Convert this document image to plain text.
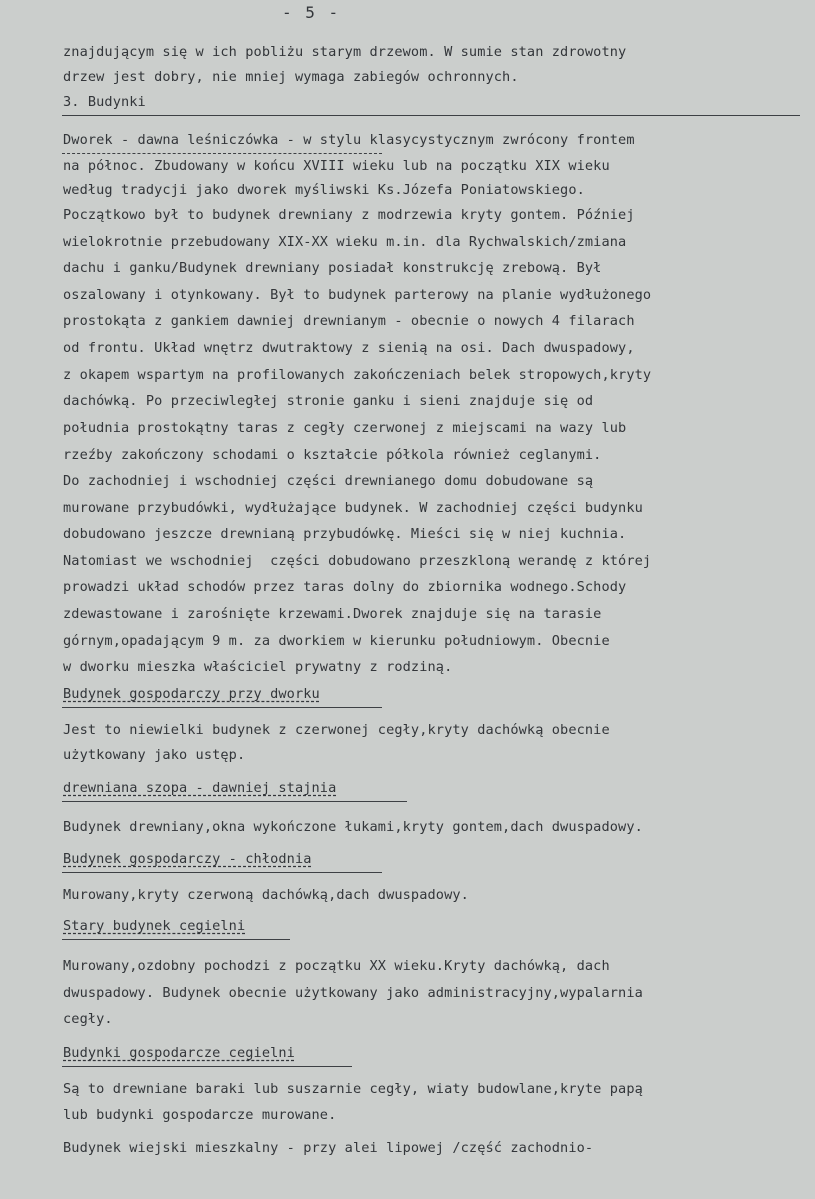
- 5 -
znajdującym się w ich pobliżu starym drzewom. W sumie stan zdrowotny
drzew jest dobry, nie mniej wymaga zabiegów ochronnych.
3. Budynki
Dworek - dawna leśniczówka - w stylu klasycystycznym zwrócony frontem
na północ. Zbudowany w końcu XVIII wieku lub na początku XIX wieku
według tradycji jako dworek myśliwski Ks.Józefa Poniatowskiego.
Początkowo był to budynek drewniany z modrzewia kryty gontem. Później
wielokrotnie przebudowany XIX-XX wieku m.in. dla Rychwalskich/zmiana
dachu i ganku/Budynek drewniany posiadał konstrukcję zrebową. Był
oszalowany i otynkowany. Był to budynek parterowy na planie wydłużonego
prostokąta z gankiem dawniej drewnianym - obecnie o nowych 4 filarach
od frontu. Układ wnętrz dwutraktowy z sienią na osi. Dach dwuspadowy,
z okapem wspartym na profilowanych zakończeniach belek stropowych,kryty
dachówką. Po przeciwległej stronie ganku i sieni znajduje się od
południa prostokątny taras z cegły czerwonej z miejscami na wazy lub
rzeźby zakończony schodami o kształcie półkola również ceglanymi.
Do zachodniej i wschodniej części drewnianego domu dobudowane są
murowane przybudówki, wydłużające budynek. W zachodniej części budynku
dobudowano jeszcze drewnianą przybudówkę. Mieści się w niej kuchnia.
Natomiast we wschodniej  części dobudowano przeszkloną werandę z której
prowadzi układ schodów przez taras dolny do zbiornika wodnego.Schody
zdewastowane i zarośnięte krzewami.Dworek znajduje się na tarasie
górnym,opadającym 9 m. za dworkiem w kierunku południowym. Obecnie
w dworku mieszka właściciel prywatny z rodziną.
Budynek gospodarczy przy dworku
Jest to niewielki budynek z czerwonej cegły,kryty dachówką obecnie
użytkowany jako ustęp.
drewniana szopa - dawniej stajnia
Budynek drewniany,okna wykończone łukami,kryty gontem,dach dwuspadowy.
Budynek gospodarczy - chłodnia
Murowany,kryty czerwoną dachówką,dach dwuspadowy.
Stary budynek cegielni
Murowany,ozdobny pochodzi z początku XX wieku.Kryty dachówką, dach
dwuspadowy. Budynek obecnie użytkowany jako administracyjny,wypalarnia
cegły.
Budynki gospodarcze cegielni
Są to drewniane baraki lub suszarnie cegły, wiaty budowlane,kryte papą
lub budynki gospodarcze murowane.
Budynek wiejski mieszkalny - przy alei lipowej /część zachodnio-
